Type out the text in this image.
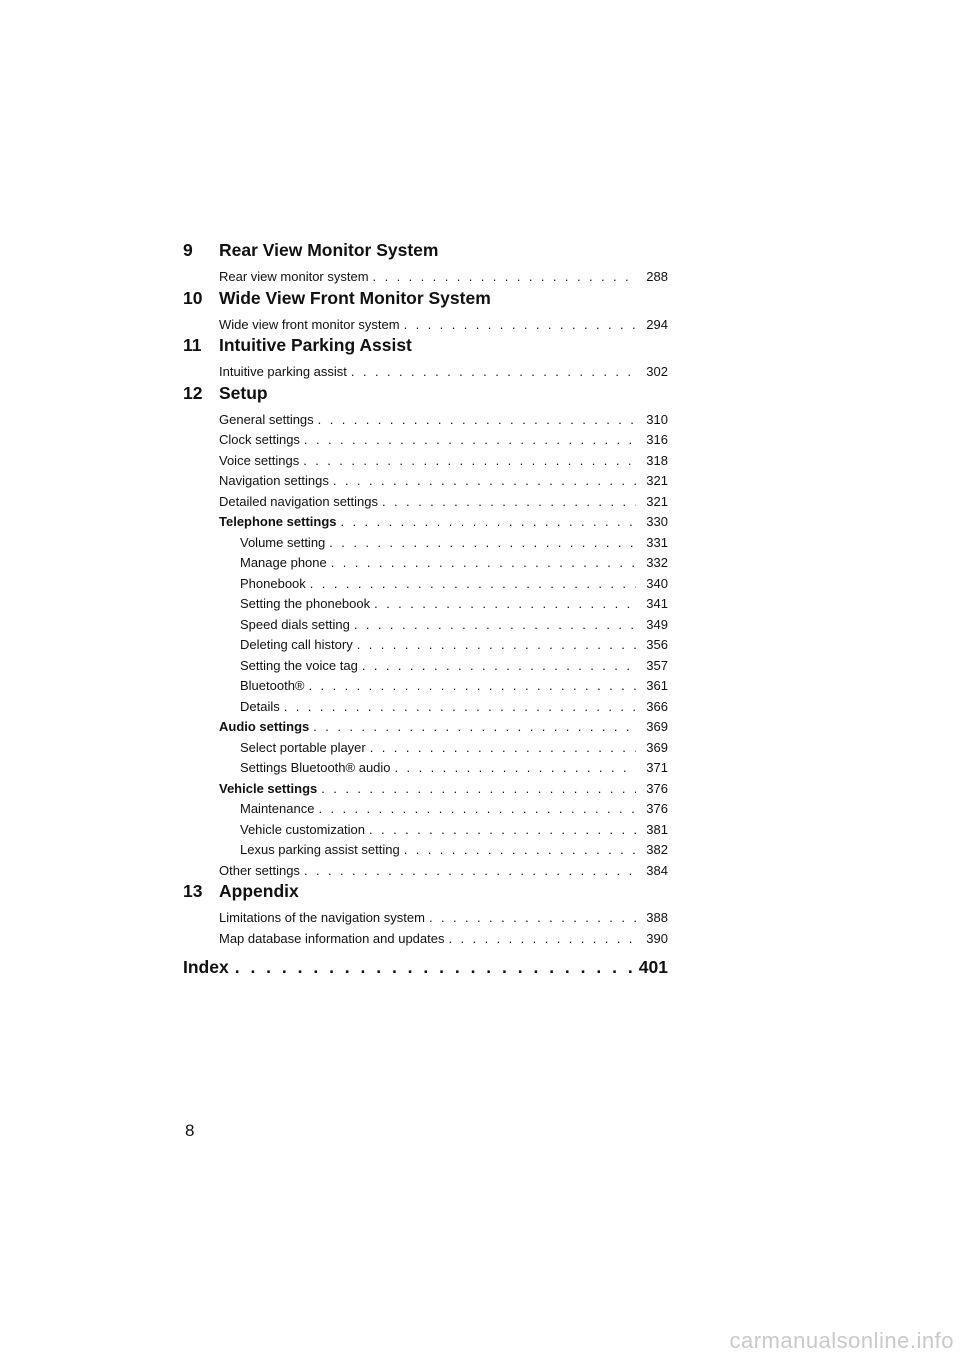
9	Rear View Monitor System
Rear view monitor system . . .	288
10 Wide View Front Monitor System
Wide view front monitor system . . .	294
11	Intuitive Parking Assist
Intuitive parking assist . . .	302
12 Setup
General settings . . .	310
Clock settings . . .	316
Voice settings . . .	318
Navigation settings . . .	321
Detailed navigation settings . . .	321
Telephone settings . . .	330
Volume setting . . .	331
Manage phone . . .	332
Phonebook . . .	340
Setting the phonebook . . .	341
Speed dials setting . . .	349
Deleting call history . . .	356
Setting the voice tag . . .	357
Bluetooth® . . .	361
Details . . .	366
Audio settings . . .	369
Select portable player . . .	369
Settings Bluetooth® audio . . .	371
Vehicle settings . . .	376
Maintenance . . .	376
Vehicle customization . . .	381
Lexus parking assist setting . . .	382
Other settings . . .	384
13 Appendix
Limitations of the navigation system . . .	388
Map database information and updates . . .	390
Index . . .	401
8
carmanualsonline.info
